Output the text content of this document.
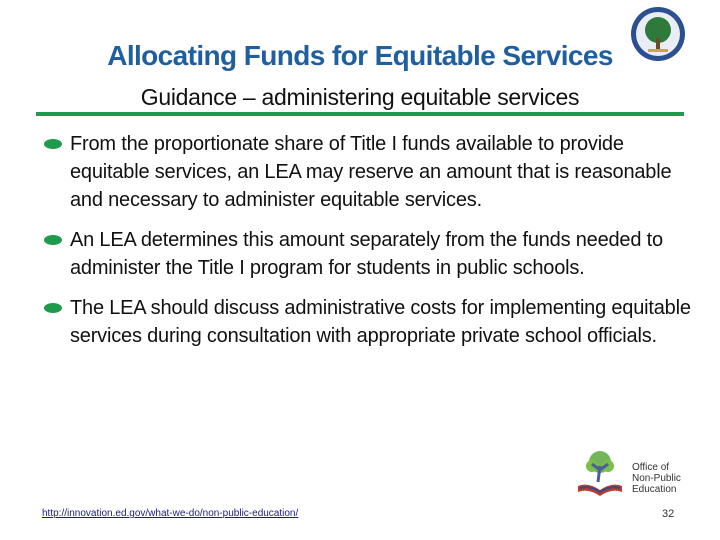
Allocating Funds for Equitable Services
Guidance – administering equitable services
From the proportionate share of Title I funds available to provide equitable services, an LEA may reserve an amount that is reasonable and necessary to administer equitable services.
An LEA determines this amount separately from the funds needed to administer the Title I program for students in public schools.
The LEA should discuss administrative costs for implementing equitable services during consultation with appropriate private school officials.
Office of
Non-Public
Education
http://innovation.ed.gov/what-we-do/non-public-education/	32
